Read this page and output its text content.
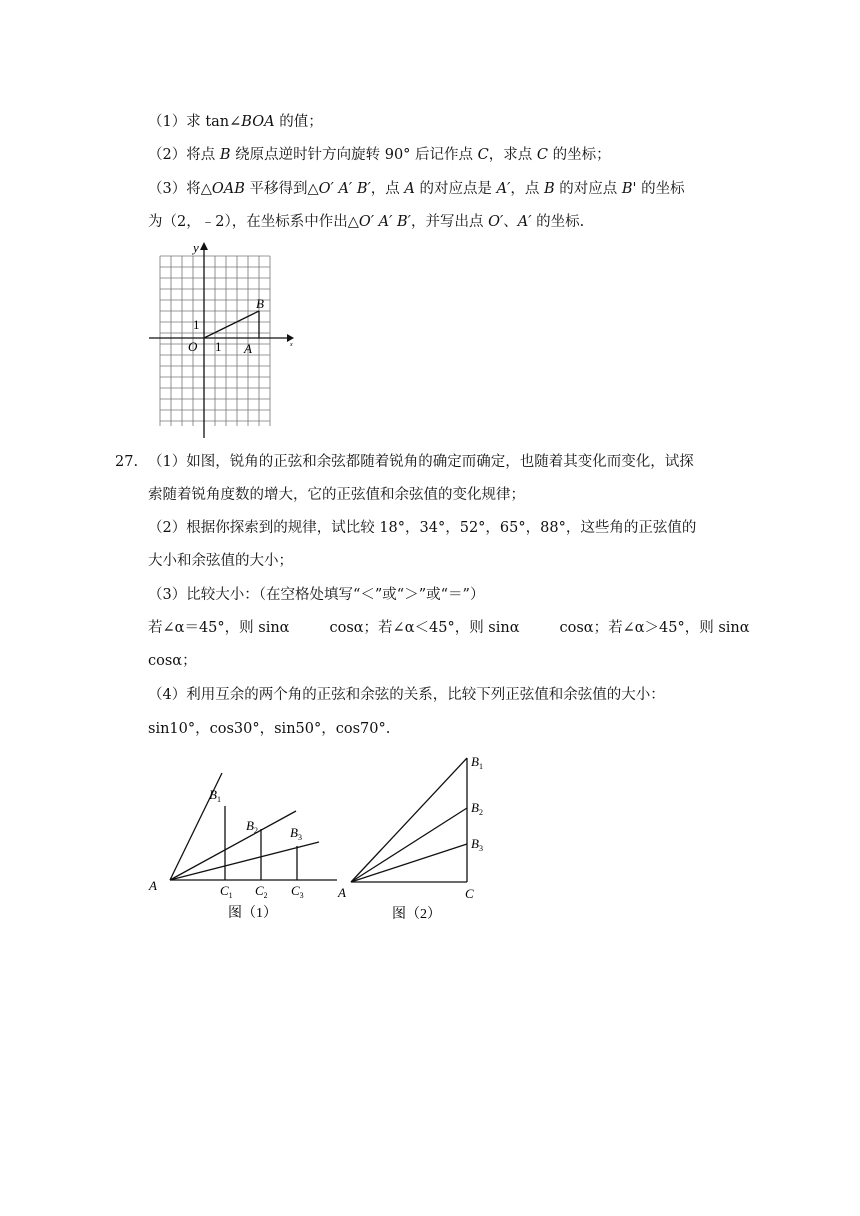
（1）求 tan∠BOA 的值；
（2）将点 B 绕原点逆时针方向旋转 90° 后记作点 C，求点 C 的坐标；
（3）将△OAB 平移得到△O′ A′ B′，点 A 的对应点是 A′，点 B 的对应点 B' 的坐标
为（2，﹣2），在坐标系中作出△O′ A′ B′，并写出点 O′、A′ 的坐标.
y
x
O 1
1
A
B
27. （1）如图，锐角的正弦和余弦都随着锐角的确定而确定，也随着其变化而变化，试探
索随着锐角度数的增大，它的正弦值和余弦值的变化规律；
（2）根据你探索到的规律，试比较 18°，34°，52°，65°，88°，这些角的正弦值的
大小和余弦值的大小；
（3）比较大小：（在空格处填写“＜”或“＞”或“＝”）
若∠α＝45°，则 sinα	cosα；若∠α＜45°，则 sinα	cosα；若∠α＞45°，则 sinα
cosα；
（4）利用互余的两个角的正弦和余弦的关系，比较下列正弦值和余弦值的大小：
sin10°，cos30°，sin50°，cos70°.
A
$B_1$
$B_2$ $B_3$
$C_1$ $C_2$ $C_3$
图（1）
A	C
$B_1$
$B_2$
$B_3$
图（2）
